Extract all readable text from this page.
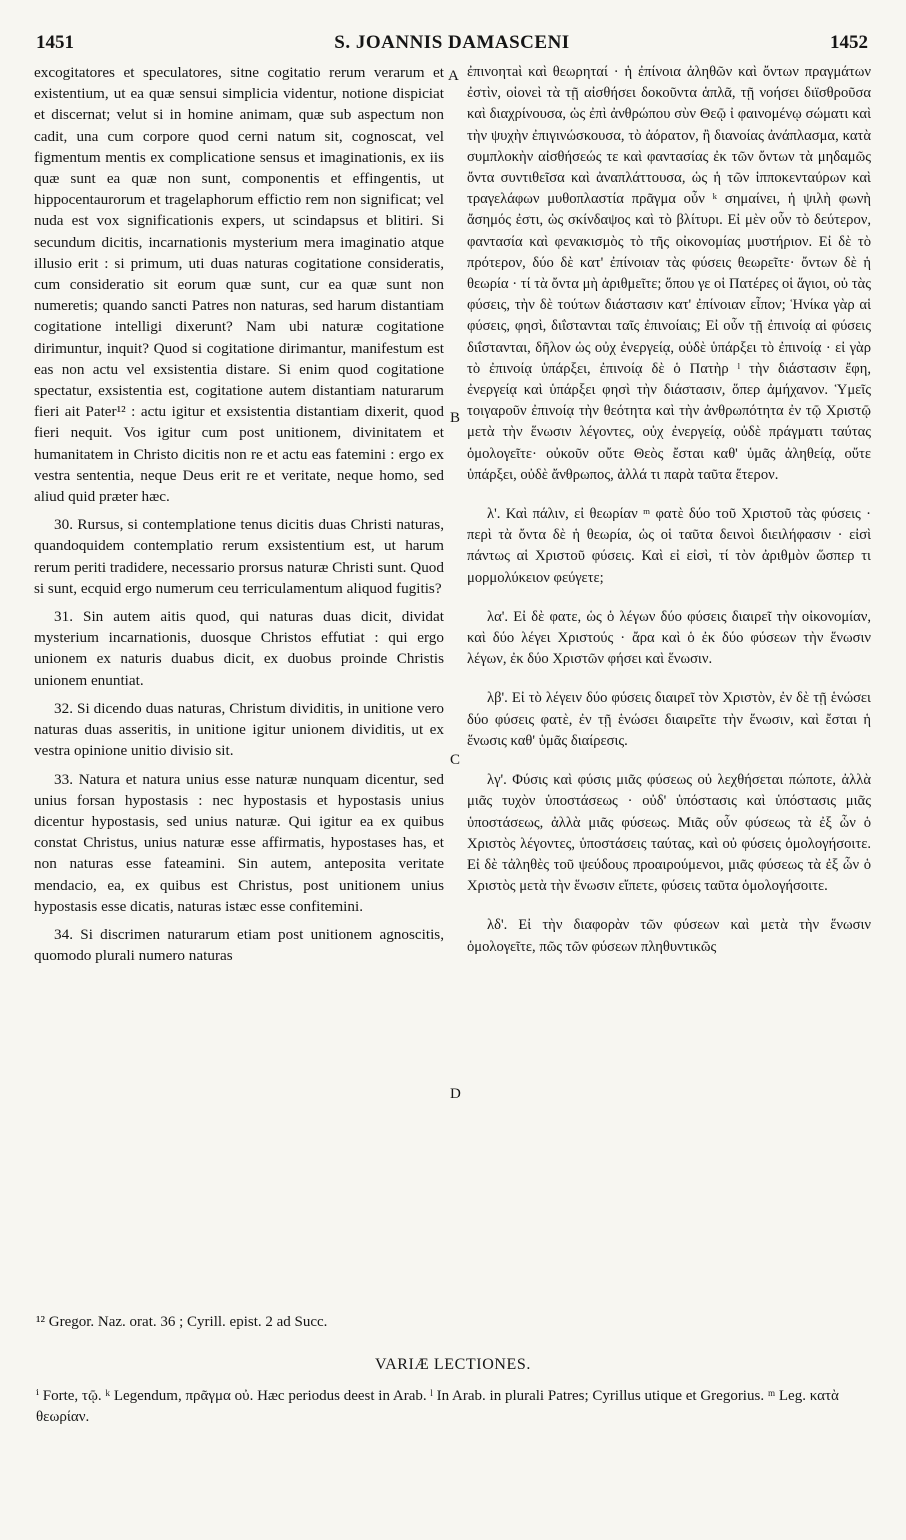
1451	S. JOANNIS DAMASCENI	1452

excogitatores et speculatores, sitne cogitatio rerum verarum et existentium, ut ea quæ sensui simplicia videntur, notione dispiciat et discernat; velut si in homine animam, quæ sub aspectum non cadit, una cum corpore quod cerni natum sit, cognoscat, vel figmentum mentis ex complicatione sensus et imaginationis, ex iis quæ sunt ea quæ non sunt, componentis et effingentis, ut hippocentaurorum et tragelaphorum effictio rem non significat; vel nuda est vox significationis expers, ut scindapsus et blitiri. Si secundum dicitis, incarnationis mysterium mera imaginatio atque illusio erit : si primum, uti duas naturas cogitatione consideratis, cum consideratio sit eorum quæ sunt, cur ea quæ sunt non numeretis; quando sancti Patres non naturas, sed harum distantiam cogitatione intelligi dixerunt? Nam ubi naturæ cogitatione dirimuntur, inquit? Quod si cogitatione dirimantur, manifestum est eas non actu vel exsistentia distare. Si enim quod cogitatione spectatur, exsistentia est, cogitatione autem distantiam naturarum fieri ait Pater¹² : actu igitur et exsistentia distantiam dixerit, quod fieri nequit. Vos igitur cum post unitionem, divinitatem et humanitatem in Christo dicitis non re et actu eas fatemini : ergo ex vestra sententia, neque Deus erit re et veritate, neque homo, sed aliud quid præter hæc.

30. Rursus, si contemplatione tenus dicitis duas Christi naturas, quandoquidem contemplatio rerum exsistentium est, ut harum rerum periti tradidere, necessario prorsus naturæ Christi sunt. Quod si sunt, ecquid ergo numerum ceu terriculamentum aliquod fugitis?

31. Sin autem aitis quod, qui naturas duas dicit, dividat mysterium incarnationis, duosque Christos effutiat : qui ergo unionem ex naturis duabus dicit, ex duobus proinde Christis unionem enuntiat.

32. Si dicendo duas naturas, Christum dividitis, in unitione vero naturas duas asseritis, in unitione igitur unionem dividitis, ut ex vestra opinione unitio divisio sit.

33. Natura et natura unius esse naturæ nunquam dicentur, sed unius forsan hypostasis : nec hypostasis et hypostasis unius dicentur hypostasis, sed unius naturæ. Qui igitur ea ex quibus constat Christus, unius naturæ esse affirmatis, hypostases has, et non naturas esse fateamini. Sin autem, anteposita veritate mendacio, ea, ex quibus est Christus, post unitionem unius hypostasis esse dicatis, naturas istæc esse confitemini.

34. Si discrimen naturarum etiam post unitionem agnoscitis, quomodo plurali numero naturas

A
B
C
D

ἐπινοητaὶ καὶ θεωρηταί · ἡ ἐπίνοια ἀληθῶν καὶ ὄντων πραγμάτων ἐστὶν, οἱονεὶ τὰ τῇ αἰσθήσει δοκοῦντα ἁπλᾶ, τῇ νοήσει διϊσθροῦσα καὶ διαχρίνουσα, ὡς ἐπὶ ἀνθρώπου σὺν Θεῷ ἰ φαινομένῳ σώματι καὶ τὴν ψυχὴν ἐπιγινώσκουσα, τὸ ἀόρατον, ἢ διανοίας ἀνάπλασμα, κατὰ συμπλοκὴν αἰσθήσεώς τε καὶ φαντασίας ἐκ τῶν ὄντων τὰ μηδαμῶς ὄντα συντιθεῖσα καὶ ἀναπλάττουσα, ὡς ἡ τῶν ἱπποκενταύρων καὶ τραγελάφων μυθοπλαστία πρᾶγμα οὖν ᵏ σημαίνει, ἡ ψιλὴ φωνὴ ἄσημός ἐστι, ὡς σκίνδαψος καὶ τὸ βλίτυρι. Εἰ μὲν οὖν τὸ δεύτερον, φαντασία καὶ φενακισμὸς τὸ τῆς οἰκονομίας μυστήριον. Εἰ δὲ τὸ πρότερον, δύο δὲ κατ' ἐπίνοιαν τὰς φύσεις θεωρεῖτε· ὄντων δὲ ἡ θεωρία · τί τὰ ὄντα μὴ ἀριθμεῖτε; ὅπου γε οἱ Πατέρες οἱ ἅγιοι, οὐ τὰς φύσεις, τὴν δὲ τούτων διάστασιν κατ' ἐπίνοιαν εἶπον; Ἡνίκα γὰρ αἱ φύσεις, φησὶ, διΐστανται ταῖς ἐπινοίαις; Εἰ οὖν τῇ ἐπινοίᾳ αἱ φύσεις διΐστανται, δῆλον ὡς οὐχ ἐνεργείᾳ, οὐδὲ ὑπάρξει τὸ ἐπινοίᾳ · εἰ γὰρ τὸ ἐπινοίᾳ ὑπάρξει, ἐπινοίᾳ δὲ ὁ Πατὴρ ˡ τὴν διάστασιν ἔφη, ἐνεργείᾳ καὶ ὑπάρξει φησὶ τὴν διάστασιν, ὅπερ ἀμήχανον. Ὑμεῖς τοιγαροῦν ἐπινοίᾳ τὴν θεότητα καὶ τὴν ἀνθρωπότητα ἐν τῷ Χριστῷ μετὰ τὴν ἕνωσιν λέγοντες, οὐχ ἐνεργείᾳ, οὐδὲ πράγματι ταύτας ὁμολογεῖτε· οὐκοῦν οὔτε Θεὸς ἔσται καθ' ὑμᾶς ἀληθείᾳ, οὔτε ὑπάρξει, οὐδὲ ἄνθρωπος, ἀλλά τι παρὰ ταῦτα ἕτερον.

λ'. Καὶ πάλιν, εἰ θεωρίαν ᵐ φατὲ δύο τοῦ Χριστοῦ τὰς φύσεις · περὶ τὰ ὄντα δὲ ἡ θεωρία, ὡς οἱ ταῦτα δεινοὶ διειλήφασιν · εἰσὶ πάντως αἱ Χριστοῦ φύσεις. Καὶ εἰ εἰσὶ, τί τὸν ἀριθμὸν ὥσπερ τι μορμολύκειον φεύγετε;

λα'. Εἰ δὲ φατε, ὡς ὁ λέγων δύο φύσεις διαιρεῖ τὴν οἰκονομίαν, καὶ δύο λέγει Χριστούς · ἄρα καὶ ὁ ἐκ δύο φύσεων τὴν ἕνωσιν λέγων, ἐκ δύο Χριστῶν φήσει καὶ ἕνωσιν.

λβ'. Εἰ τὸ λέγειν δύο φύσεις διαιρεῖ τὸν Χριστὸν, ἐν δὲ τῇ ἑνώσει δύο φύσεις φατὲ, ἐν τῇ ἑνώσει διαιρεῖτε τὴν ἕνωσιν, καὶ ἔσται ἡ ἕνωσις καθ' ὑμᾶς διαίρεσις.

λγ'. Φύσις καὶ φύσις μιᾶς φύσεως οὐ λεχθήσεται πώποτε, ἀλλὰ μιᾶς τυχὸν ὑποστάσεως · οὐδ' ὑπόστασις καὶ ὑπόστασις μιᾶς ὑποστάσεως, ἀλλὰ μιᾶς φύσεως. Μιᾶς οὖν φύσεως τὰ ἐξ ὧν ὁ Χριστὸς λέγοντες, ὑποστάσεις ταύτας, καὶ οὐ φύσεις ὁμολογήσοιτε. Εἰ δὲ τἀληθὲς τοῦ ψεύδους προαιρούμενοι, μιᾶς φύσεως τὰ ἐξ ὧν ὁ Χριστὸς μετὰ τὴν ἕνωσιν εἴπετε, φύσεις ταῦτα ὁμολογήσοιτε.

λδ'. Εἰ τὴν διαφορὰν τῶν φύσεων καὶ μετὰ τὴν ἕνωσιν ὁμολογεῖτε, πῶς τῶν φύσεων πληθυντικῶς

¹² Gregor. Naz. orat. 36 ; Cyrill. epist. 2 ad Succ.
VARIÆ LECTIONES.
ⁱ Forte, τῷ. ᵏ Legendum, πρᾶγμα οὐ. Hæc periodus deest in Arab. ˡ In Arab. in plurali Patres; Cyrillus utique et Gregorius. ᵐ Leg. κατὰ θεωρίαν.
